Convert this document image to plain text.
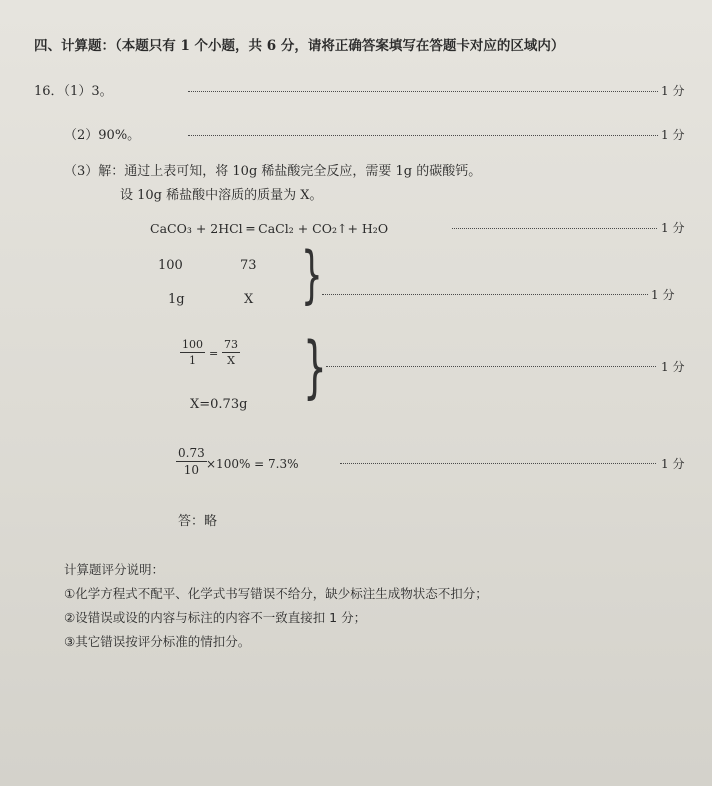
四、计算题：（本题只有 1 个小题，共 6 分，请将正确答案填写在答题卡对应的区域内）
16．（1）3。	1 分
（2）90%。	1 分
（3）解：通过上表可知，将 10g 稀盐酸完全反应，需要 1g 的碳酸钙。
设 10g 稀盐酸中溶质的质量为 X。
CaCO₃ + 2HCl ═ CaCl₂ + CO₂↑+ H₂O	1 分
100	73
1g	X }	1 分
$\frac{100}{1} = \frac{73}{X}$
X=0.73g }	1 分
$\frac{0.73}{10} \times 100\% = 7.3\%$	1 分
答：略
计算题评分说明：
①化学方程式不配平、化学式书写错误不给分，缺少标注生成物状态不扣分；
②设错误或设的内容与标注的内容不一致直接扣 1 分；
③其它错误按评分标准的情扣分。
